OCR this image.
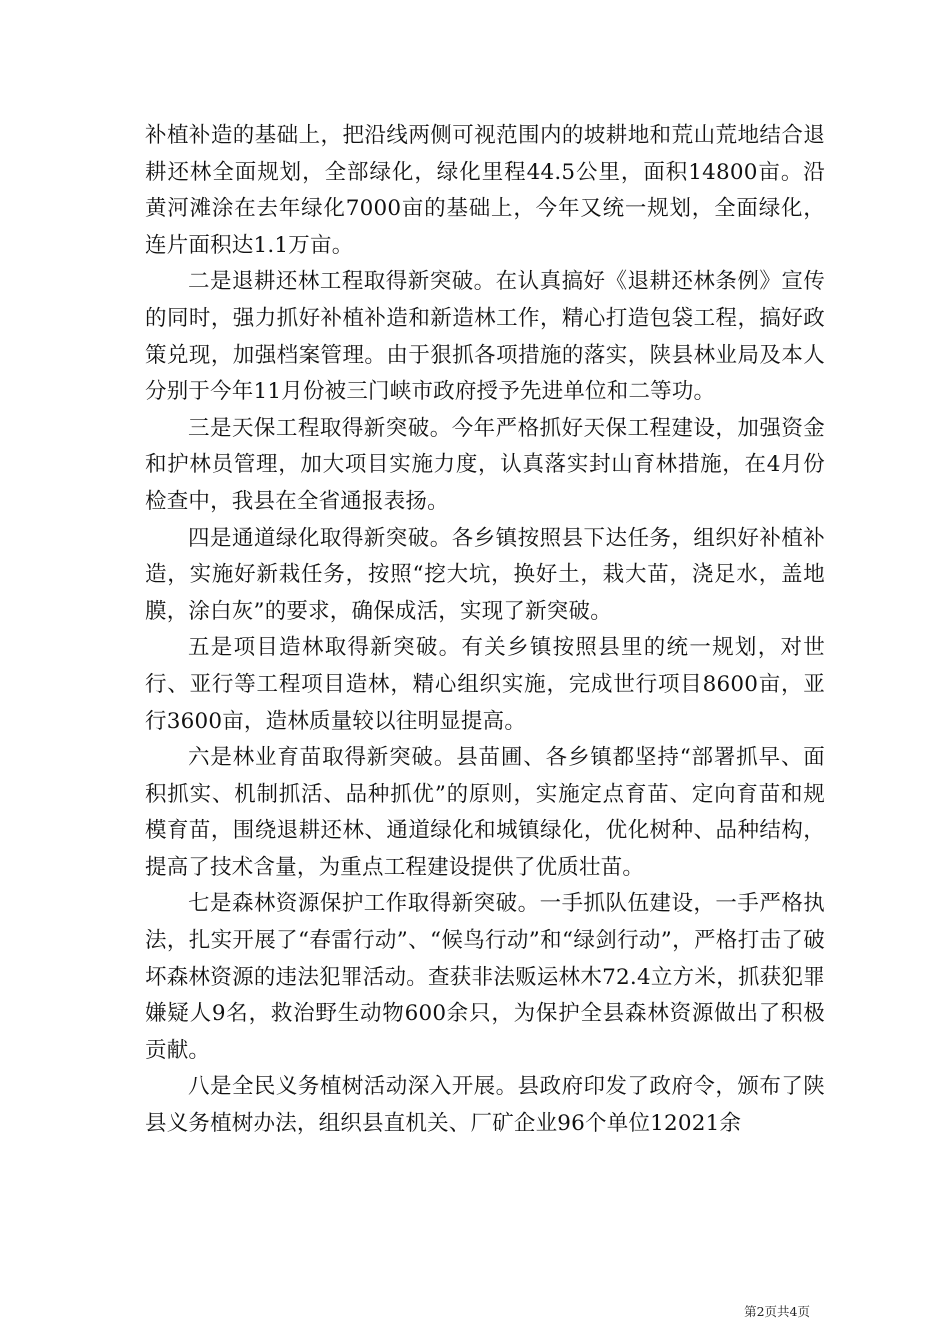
补植补造的基础上，把沿线两侧可视范围内的坡耕地和荒山荒地结合退耕还林全面规划，全部绿化，绿化里程44.5公里，面积14800亩。沿黄河滩涂在去年绿化7000亩的基础上，今年又统一规划，全面绿化，连片面积达1.1万亩。

二是退耕还林工程取得新突破。在认真搞好《退耕还林条例》宣传的同时，强力抓好补植补造和新造林工作，精心打造包袋工程，搞好政策兑现，加强档案管理。由于狠抓各项措施的落实，陕县林业局及本人分别于今年11月份被三门峡市政府授予先进单位和二等功。

三是天保工程取得新突破。今年严格抓好天保工程建设，加强资金和护林员管理，加大项目实施力度，认真落实封山育林措施，在4月份检查中，我县在全省通报表扬。

四是通道绿化取得新突破。各乡镇按照县下达任务，组织好补植补造，实施好新栽任务，按照“挖大坑，换好土，栽大苗，浇足水，盖地膜，涂白灰”的要求，确保成活，实现了新突破。

五是项目造林取得新突破。有关乡镇按照县里的统一规划，对世行、亚行等工程项目造林，精心组织实施，完成世行项目8600亩，亚行3600亩，造林质量较以往明显提高。

六是林业育苗取得新突破。县苗圃、各乡镇都坚持“部署抓早、面积抓实、机制抓活、品种抓优”的原则，实施定点育苗、定向育苗和规模育苗，围绕退耕还林、通道绿化和城镇绿化，优化树种、品种结构，提高了技术含量，为重点工程建设提供了优质壮苗。

七是森林资源保护工作取得新突破。一手抓队伍建设，一手严格执法，扎实开展了“春雷行动”、“候鸟行动”和“绿剑行动”，严格打击了破坏森林资源的违法犯罪活动。查获非法贩运林木72.4立方米，抓获犯罪嫌疑人9名，救治野生动物600余只，为保护全县森林资源做出了积极贡献。

八是全民义务植树活动深入开展。县政府印发了政府令，颁布了陕县义务植树办法，组织县直机关、厂矿企业96个单位12021余

第2页共4页
